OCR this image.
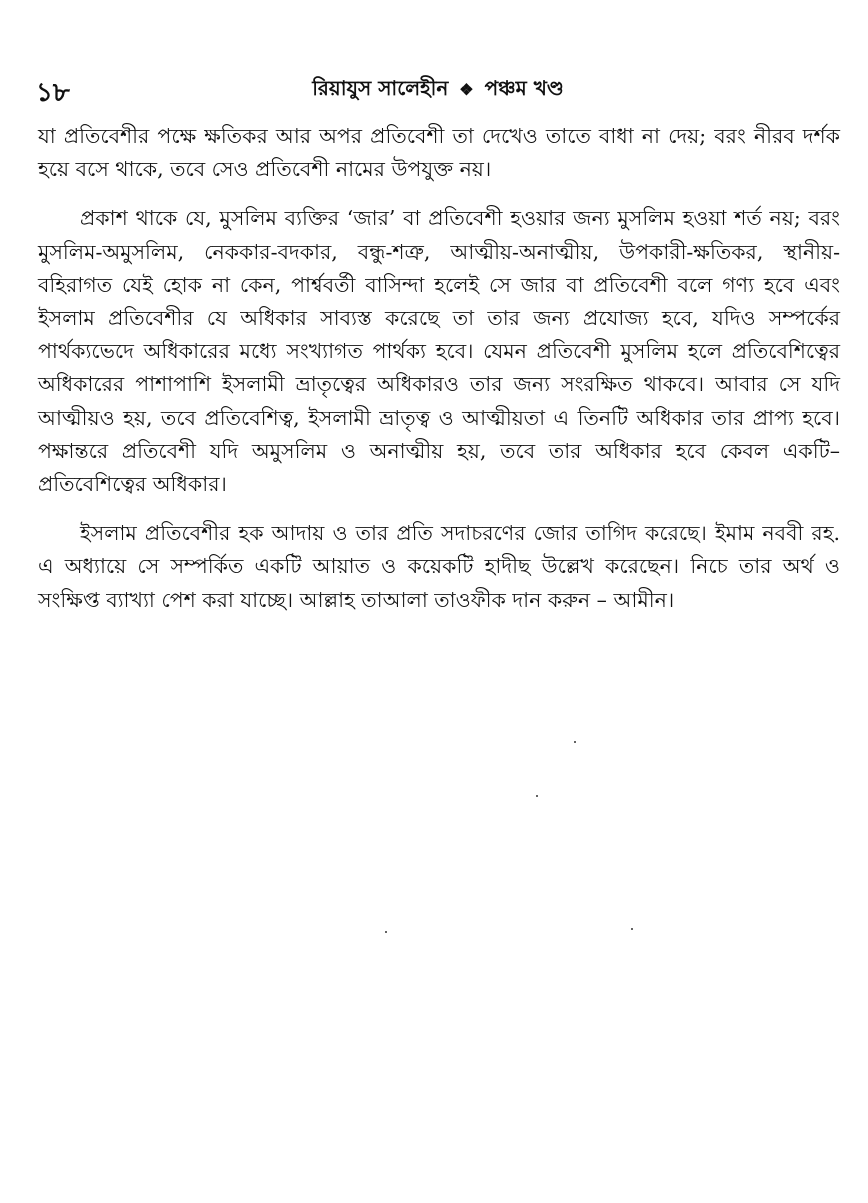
১৮	রিয়াযুস সালেহীন ❖ পঞ্চম খণ্ড

যা প্রতিবেশীর পক্ষে ক্ষতিকর আর অপর প্রতিবেশী তা দেখেও তাতে বাধা না দেয়; বরং নীরব দর্শক হয়ে বসে থাকে, তবে সেও প্রতিবেশী নামের উপযুক্ত নয়।

প্রকাশ থাকে যে, মুসলিম ব্যক্তির ‘জার’ বা প্রতিবেশী হওয়ার জন্য মুসলিম হওয়া শর্ত নয়; বরং মুসলিম-অমুসলিম, নেককার-বদকার, বন্ধু-শত্রু, আত্মীয়-অনাত্মীয়, উপকারী-ক্ষতিকর, স্থানীয়-বহিরাগত যেই হোক না কেন, পার্শ্ববর্তী বাসিন্দা হলেই সে জার বা প্রতিবেশী বলে গণ্য হবে এবং ইসলাম প্রতিবেশীর যে অধিকার সাব্যস্ত করেছে তা তার জন্য প্রযোজ্য হবে, যদিও সম্পর্কের পার্থক্যভেদে অধিকারের মধ্যে সংখ্যাগত পার্থক্য হবে। যেমন প্রতিবেশী মুসলিম হলে প্রতিবেশিত্বের অধিকারের পাশাপাশি ইসলামী ভ্রাতৃত্বের অধিকারও তার জন্য সংরক্ষিত থাকবে। আবার সে যদি আত্মীয়ও হয়, তবে প্রতিবেশিত্ব, ইসলামী ভ্রাতৃত্ব ও আত্মীয়তা এ তিনটি অধিকার তার প্রাপ্য হবে। পক্ষান্তরে প্রতিবেশী যদি অমুসলিম ও অনাত্মীয় হয়, তবে তার অধিকার হবে কেবল একটি– প্রতিবেশিত্বের অধিকার।

ইসলাম প্রতিবেশীর হক আদায় ও তার প্রতি সদাচরণের জোর তাগিদ করেছে। ইমাম নববী রহ. এ অধ্যায়ে সে সম্পর্কিত একটি আয়াত ও কয়েকটি হাদীছ উল্লেখ করেছেন। নিচে তার অর্থ ও সংক্ষিপ্ত ব্যাখ্যা পেশ করা যাচ্ছে। আল্লাহ তাআলা তাওফীক দান করুন – আমীন।
